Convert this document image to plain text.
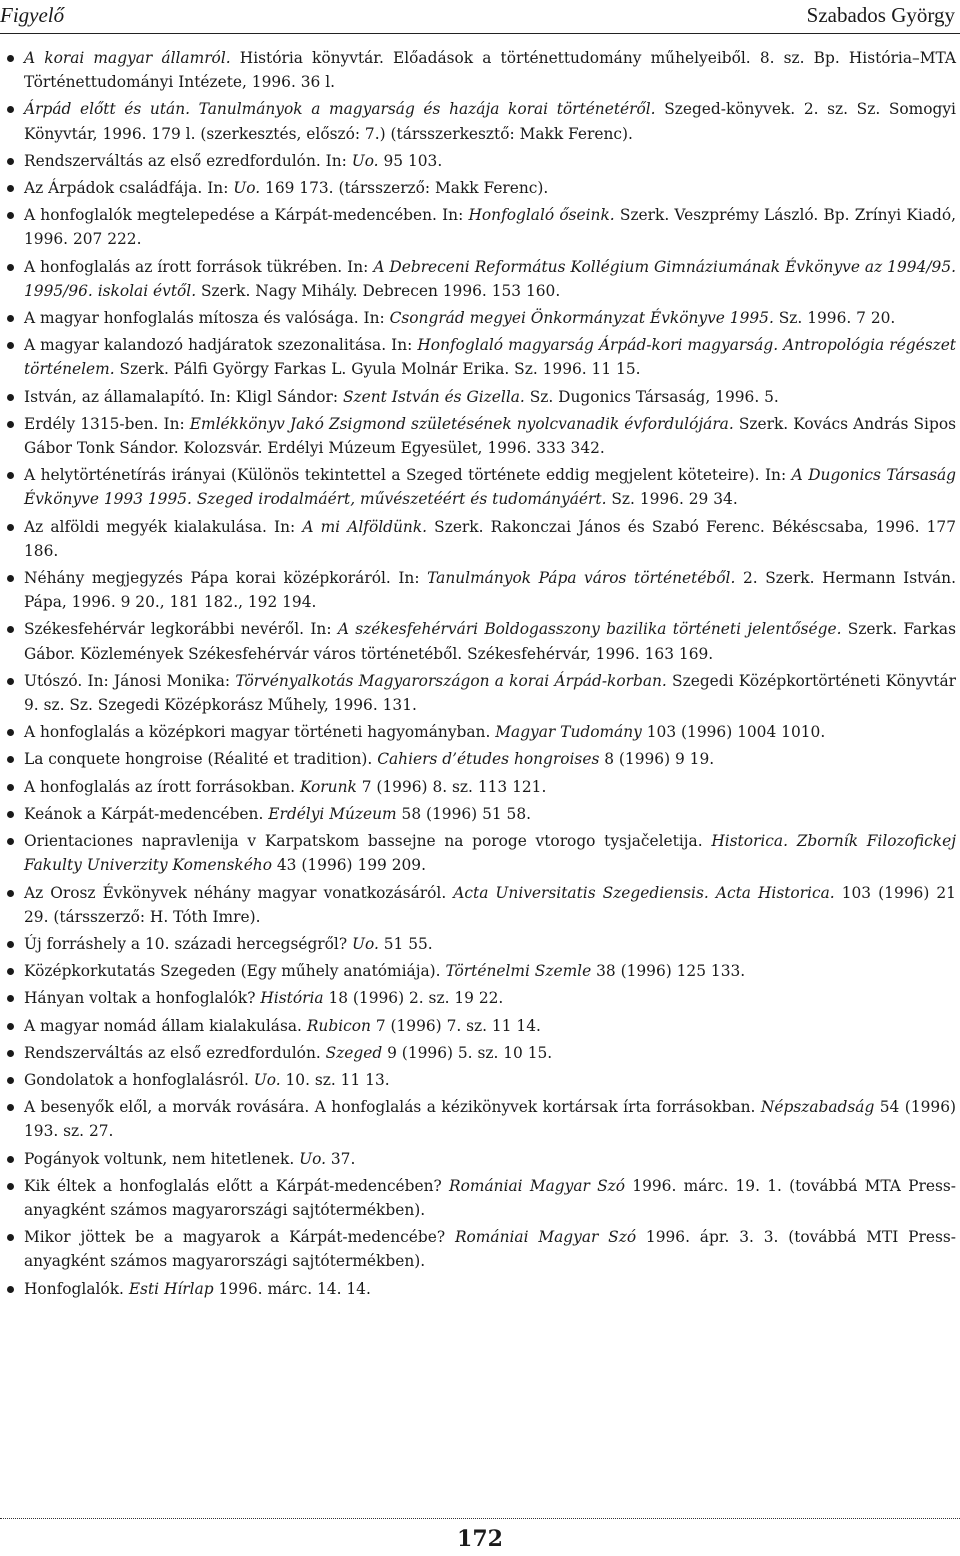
Figyelő	Szabados György
A korai magyar államról. História könyvtár. Előadások a történettudomány műhelyeiből. 8. sz. Bp. História–MTA Történettudományi Intézete, 1996. 36 l.
Árpád előtt és után. Tanulmányok a magyarság és hazája korai történetéről. Szeged-könyvek. 2. sz. Sz. Somogyi Könyvtár, 1996. 179 l. (szerkesztés, előszó: 7.) (társszerkesztő: Makk Ferenc).
Rendszerváltás az első ezredfordulón. In: Uo. 95 103.
Az Árpádok családfája. In: Uo. 169 173. (társszerző: Makk Ferenc).
A honfoglalók megtelepedése a Kárpát-medencében. In: Honfoglaló őseink. Szerk. Veszprémy László. Bp. Zrínyi Kiadó, 1996. 207 222.
A honfoglalás az írott források tükrében. In: A Debreceni Református Kollégium Gimnáziumának Évkönyve az 1994/95. 1995/96. iskolai évtől. Szerk. Nagy Mihály. Debrecen 1996. 153 160.
A magyar honfoglalás mítosza és valósága. In: Csongrád megyei Önkormányzat Évkönyve 1995. Sz. 1996. 7 20.
A magyar kalandozó hadjáratok szezonalitása. In: Honfoglaló magyarság Árpád-kori magyarság. Antropológia régészet történelem. Szerk. Pálfi György Farkas L. Gyula Molnár Erika. Sz. 1996. 11 15.
István, az államalapító. In: Kligl Sándor: Szent István és Gizella. Sz. Dugonics Társaság, 1996. 5.
Erdély 1315-ben. In: Emlékkönyv Jakó Zsigmond születésének nyolcvanadik évfordulójára. Szerk. Kovács András Sipos Gábor Tonk Sándor. Kolozsvár. Erdélyi Múzeum Egyesület, 1996. 333 342.
A helytörténetírás irányai (Különös tekintettel a Szeged története eddig megjelent köteteire). In: A Dugonics Társaság Évkönyve 1993 1995. Szeged irodalmáért, művészetéért és tudományáért. Sz. 1996. 29 34.
Az alföldi megyék kialakulása. In: A mi Alföldünk. Szerk. Rakonczai János és Szabó Ferenc. Békéscsaba, 1996. 177 186.
Néhány megjegyzés Pápa korai középkoráról. In: Tanulmányok Pápa város történetéből. 2. Szerk. Hermann István. Pápa, 1996. 9 20., 181 182., 192 194.
Székesfehérvár legkorábbi nevéről. In: A székesfehérvári Boldogasszony bazilika történeti jelentősége. Szerk. Farkas Gábor. Közlemények Székesfehérvár város történetéből. Székesfehérvár, 1996. 163 169.
Utószó. In: Jánosi Monika: Törvényalkotás Magyarországon a korai Árpád-korban. Szegedi Középkortörténeti Könyvtár 9. sz. Sz. Szegedi Középkorász Műhely, 1996. 131.
A honfoglalás a középkori magyar történeti hagyományban. Magyar Tudomány 103 (1996) 1004 1010.
La conquete hongroise (Réalité et tradition). Cahiers d’études hongroises 8 (1996) 9 19.
A honfoglalás az írott forrásokban. Korunk 7 (1996) 8. sz. 113 121.
Keánok a Kárpát-medencében. Erdélyi Múzeum 58 (1996) 51 58.
Orientaciones napravlenija v Karpatskom bassejne na poroge vtorogo tysjačeletija. Historica. Zborník Filozofickej Fakulty Univerzity Komenského 43 (1996) 199 209.
Az Orosz Évkönyvek néhány magyar vonatkozásáról. Acta Universitatis Szegediensis. Acta Historica. 103 (1996) 21 29. (társszerző: H. Tóth Imre).
Új forráshely a 10. századi hercegségről? Uo. 51 55.
Középkorkutatás Szegeden (Egy műhely anatómiája). Történelmi Szemle 38 (1996) 125 133.
Hányan voltak a honfoglalók? História 18 (1996) 2. sz. 19 22.
A magyar nomád állam kialakulása. Rubicon 7 (1996) 7. sz. 11 14.
Rendszerváltás az első ezredfordulón. Szeged 9 (1996) 5. sz. 10 15.
Gondolatok a honfoglalásról. Uo. 10. sz. 11 13.
A besenyők elől, a morvák rovására. A honfoglalás a kézikönyvek kortársak írta forrásokban. Népszabadság 54 (1996) 193. sz. 27.
Pogányok voltunk, nem hitetlenek. Uo. 37.
Kik éltek a honfoglalás előtt a Kárpát-medencében? Romániai Magyar Szó 1996. márc. 19. 1. (továbbá MTA Press-anyagként számos magyarországi sajtótermékben).
Mikor jöttek be a magyarok a Kárpát-medencébe? Romániai Magyar Szó 1996. ápr. 3. 3. (továbbá MTI Press-anyagként számos magyarországi sajtótermékben).
Honfoglalók. Esti Hírlap 1996. márc. 14. 14.
172
